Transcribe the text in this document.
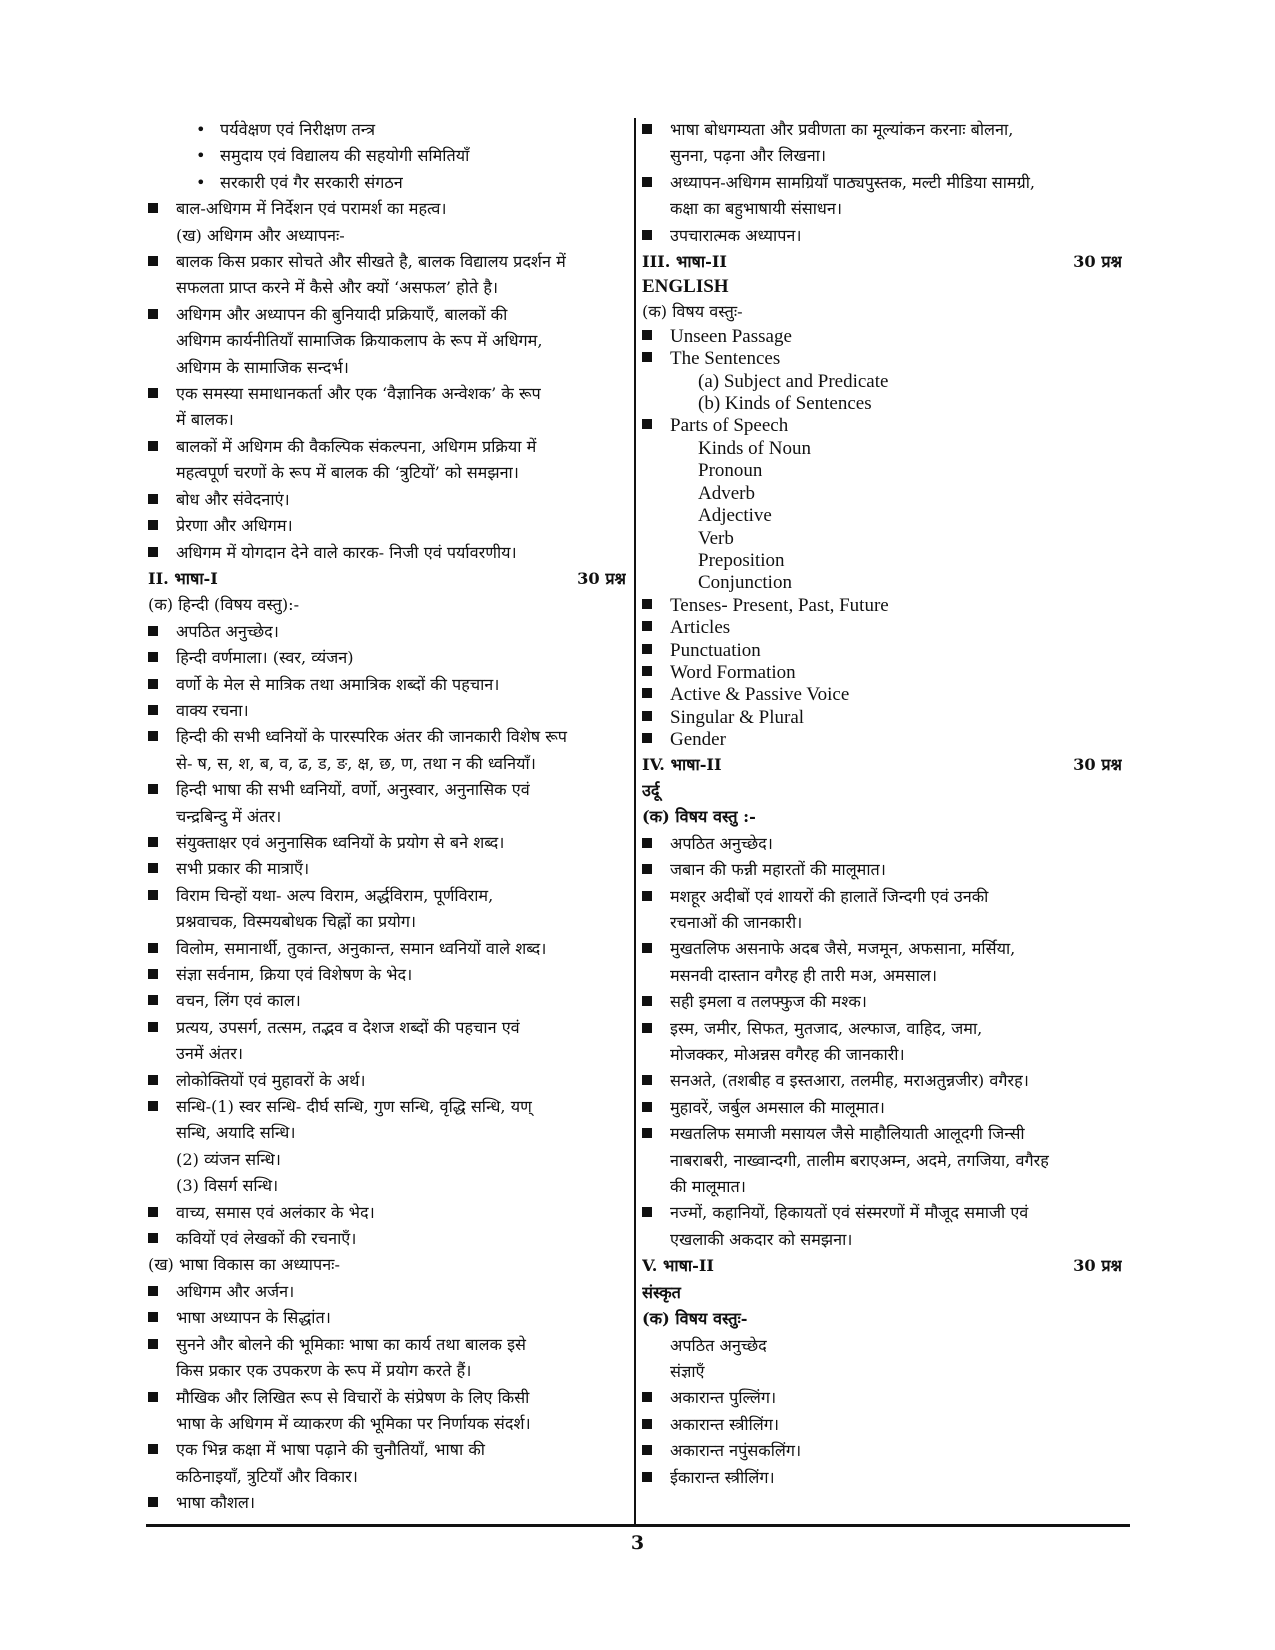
• पर्यवेक्षण एवं निरीक्षण तन्त्र
• समुदाय एवं विद्यालय की सहयोगी समितियाँ
• सरकारी एवं गैर सरकारी संगठन
बाल-अधिगम में निर्देशन एवं परामर्श का महत्व।
(ख) अधिगम और अध्यापनः-
बालक किस प्रकार सोचते और सीखते है, बालक विद्यालय प्रदर्शन में
सफलता प्राप्त करने में कैसे और क्यों ‘असफल’ होते है।
अधिगम और अध्यापन की बुनियादी प्रक्रियाएँ, बालकों की
अधिगम कार्यनीतियाँ सामाजिक क्रियाकलाप के रूप में अधिगम,
अधिगम के सामाजिक सन्दर्भ।
एक समस्या समाधानकर्ता और एक ‘वैज्ञानिक अन्वेशक’ के रूप
में बालक।
बालकों में अधिगम की वैकल्पिक संकल्पना, अधिगम प्रक्रिया में
महत्वपूर्ण चरणों के रूप में बालक की ‘त्रुटियों’ को समझना।
बोध और संवेदनाएं।
प्रेरणा और अधिगम।
अधिगम में योगदान देने वाले कारक- निजी एवं पर्यावरणीय।
II. भाषा-I	30 प्रश्न
(क) हिन्दी (विषय वस्तु):-
अपठित अनुच्छेद।
हिन्दी वर्णमाला। (स्वर, व्यंजन)
वर्णो के मेल से मात्रिक तथा अमात्रिक शब्दों की पहचान।
वाक्य रचना।
हिन्दी की सभी ध्वनियों के पारस्परिक अंतर की जानकारी विशेष रूप
से- ष, स, श, ब, व, ढ, ड, ङ, क्ष, छ, ण, तथा न की ध्वनियाँ।
हिन्दी भाषा की सभी ध्वनियों, वर्णो, अनुस्वार, अनुनासिक एवं
चन्द्रबिन्दु में अंतर।
संयुक्ताक्षर एवं अनुनासिक ध्वनियों के प्रयोग से बने शब्द।
सभी प्रकार की मात्राएँ।
विराम चिन्हों यथा- अल्प विराम, अर्द्धविराम, पूर्णविराम,
प्रश्नवाचक, विस्मयबोधक चिह्नों का प्रयोग।
विलोम, समानार्थी, तुकान्त, अनुकान्त, समान ध्वनियों वाले शब्द।
संज्ञा सर्वनाम, क्रिया एवं विशेषण के भेद।
वचन, लिंग एवं काल।
प्रत्यय, उपसर्ग, तत्सम, तद्भव व देशज शब्दों की पहचान एवं
उनमें अंतर।
लोकोक्तियों एवं मुहावरों के अर्थ।
सन्धि-(1) स्वर सन्धि- दीर्घ सन्धि, गुण सन्धि, वृद्धि सन्धि, यण्
सन्धि, अयादि सन्धि।
(2) व्यंजन सन्धि।
(3) विसर्ग सन्धि।
वाच्य, समास एवं अलंकार के भेद।
कवियों एवं लेखकों की रचनाएँ।
(ख) भाषा विकास का अध्यापनः-
अधिगम और अर्जन।
भाषा अध्यापन के सिद्धांत।
सुनने और बोलने की भूमिकाः भाषा का कार्य तथा बालक इसे
किस प्रकार एक उपकरण के रूप में प्रयोग करते हैं।
मौखिक और लिखित रूप से विचारों के संप्रेषण के लिए किसी
भाषा के अधिगम में व्याकरण की भूमिका पर निर्णायक संदर्श।
एक भिन्न कक्षा में भाषा पढ़ाने की चुनौतियाँ, भाषा की
कठिनाइयाँ, त्रुटियाँ और विकार।
भाषा कौशल।
भाषा बोधगम्यता और प्रवीणता का मूल्यांकन करनाः बोलना,
सुनना, पढ़ना और लिखना।
अध्यापन-अधिगम सामग्रियाँ पाठ्यपुस्तक, मल्टी मीडिया सामग्री,
कक्षा का बहुभाषायी संसाधन।
उपचारात्मक अध्यापन।
III. भाषा-II	30 प्रश्न
ENGLISH
(क) विषय वस्तुः-
Unseen Passage
The Sentences
(a) Subject and Predicate
(b) Kinds of Sentences
Parts of Speech
Kinds of Noun
Pronoun
Adverb
Adjective
Verb
Preposition
Conjunction
Tenses- Present, Past, Future
Articles
Punctuation
Word Formation
Active & Passive Voice
Singular & Plural
Gender
IV. भाषा-II	30 प्रश्न
उर्दू
(क) विषय वस्तु :-
अपठित अनुच्छेद।
जबान की फन्नी महारतों की मालूमात।
मशहूर अदीबों एवं शायरों की हालातें जिन्दगी एवं उनकी
रचनाओं की जानकारी।
मुखतलिफ असनाफे अदब जैसे, मजमून, अफसाना, मर्सिया,
मसनवी दास्तान वगैरह ही तारी मअ, अमसाल।
सही इमला व तलफ्फुज की मश्क।
इस्म, जमीर, सिफत, मुतजाद, अल्फाज, वाहिद, जमा,
मोजक्कर, मोअन्नस वगैरह की जानकारी।
सनअते, (तशबीह व इस्तआरा, तलमीह, मराअतुन्नजीर) वगैरह।
मुहावरें, जर्बुल अमसाल की मालूमात।
मखतलिफ समाजी मसायल जैसे माहौलियाती आलूदगी जिन्सी
नाबराबरी, नाख्वान्दगी, तालीम बराएअम्न, अदमे, तगजिया, वगैरह
की मालूमात।
नज्मों, कहानियों, हिकायतों एवं संस्मरणों में मौजूद समाजी एवं
एखलाकी अकदार को समझना।
V. भाषा-II	30 प्रश्न
संस्कृत
(क) विषय वस्तुः-
अपठित अनुच्छेद
संज्ञाएँ
अकारान्त पुल्लिंग।
अकारान्त स्त्रीलिंग।
अकारान्त नपुंसकलिंग।
ईकारान्त स्त्रीलिंग।
3
